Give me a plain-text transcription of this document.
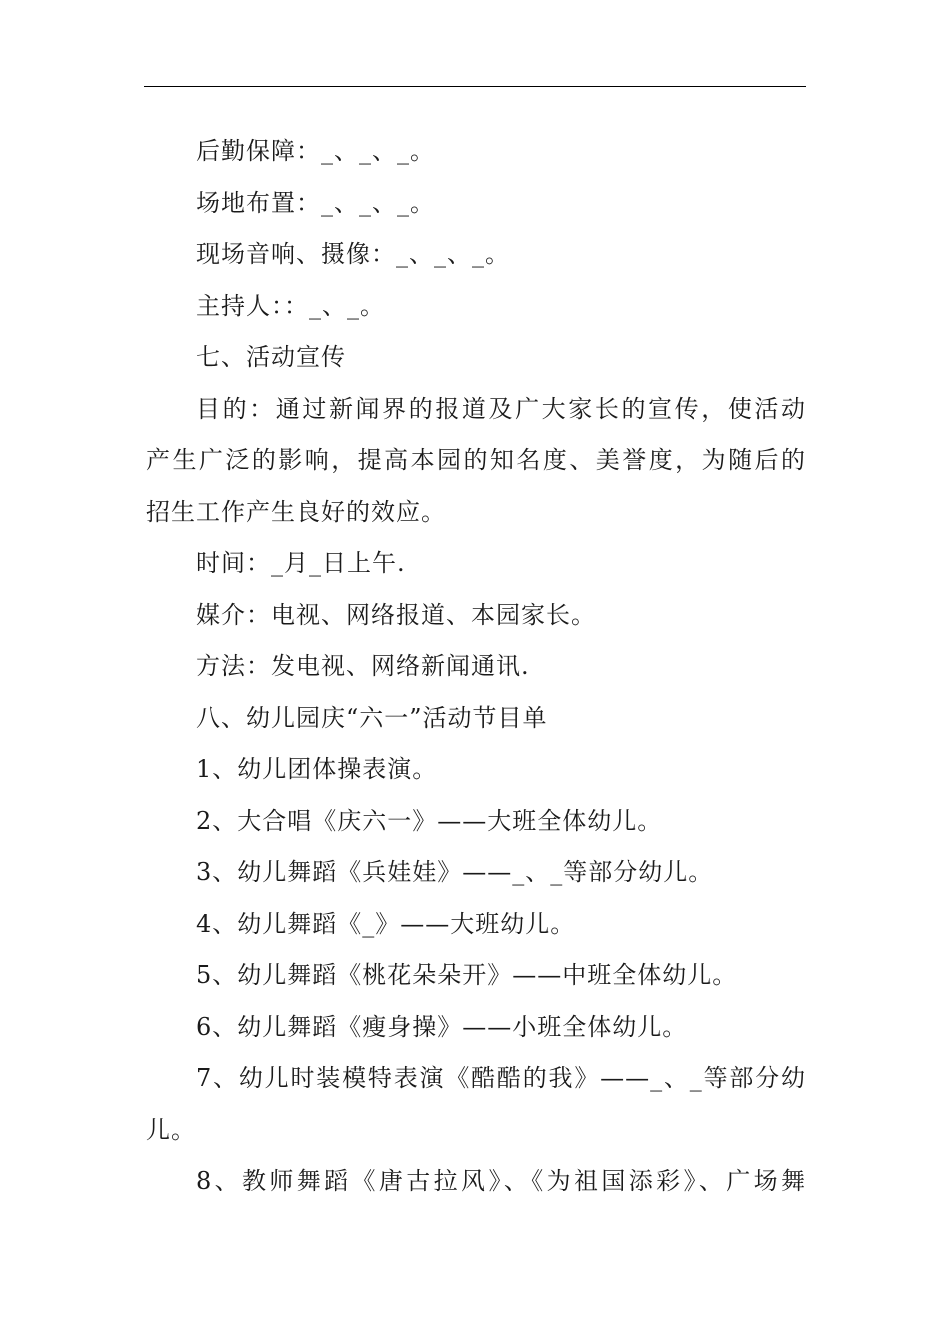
后勤保障：_、_、_。
场地布置：_、_、_。
现场音响、摄像：_、_、_。
主持人：：_、_。
七、活动宣传
目的：通过新闻界的报道及广大家长的宣传，使活动
产生广泛的影响，提高本园的知名度、美誉度，为随后的
招生工作产生良好的效应。
时间：_月_日上午.
媒介：电视、网络报道、本园家长。
方法：发电视、网络新闻通讯.
八、幼儿园庆“六一”活动节目单
1、幼儿团体操表演。
2、大合唱《庆六一》——大班全体幼儿。
3、幼儿舞蹈《兵娃娃》——_、_等部分幼儿。
4、幼儿舞蹈《_》——大班幼儿。
5、幼儿舞蹈《桃花朵朵开》——中班全体幼儿。
6、幼儿舞蹈《瘦身操》——小班全体幼儿。
7、幼儿时装模特表演《酷酷的我》——_、_等部分幼
儿。
8、教师舞蹈《唐古拉风》、《为祖国添彩》、广场舞
